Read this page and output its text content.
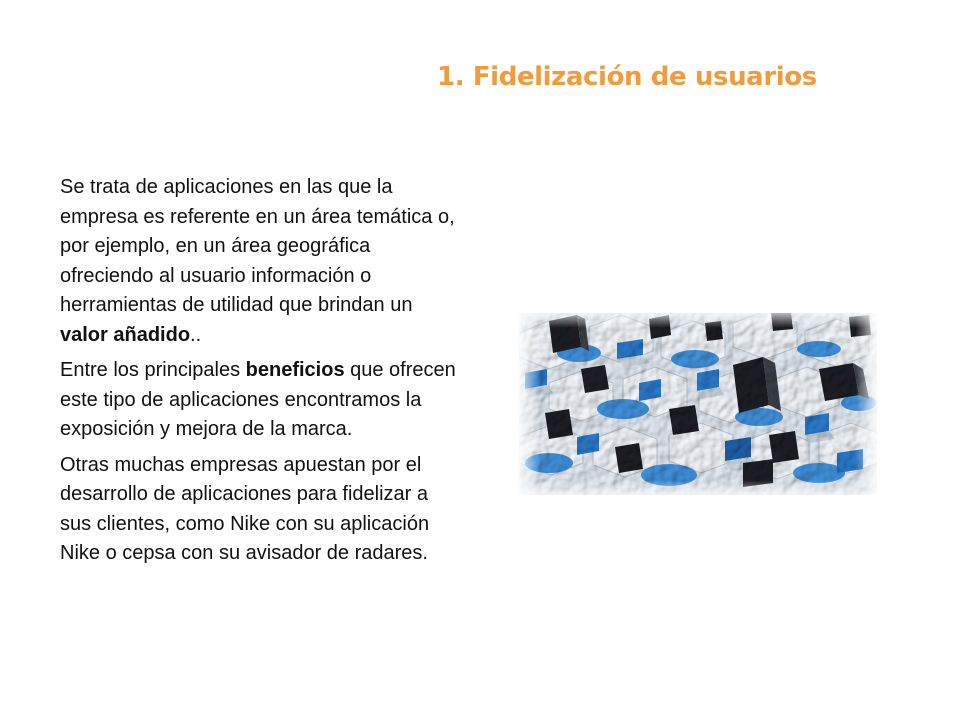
1. Fidelización de usuarios

Se trata de aplicaciones en las que la empresa es referente en un área temática o, por ejemplo, en un área geográfica ofreciendo al usuario información o herramientas de utilidad que brindan un valor añadido..

Entre los principales beneficios que ofrecen este tipo de aplicaciones encontramos la exposición y mejora de la marca.

Otras muchas empresas apuestan por el desarrollo de aplicaciones para fidelizar a sus clientes, como Nike con su aplicación Nike o cepsa con su avisador de radares.
